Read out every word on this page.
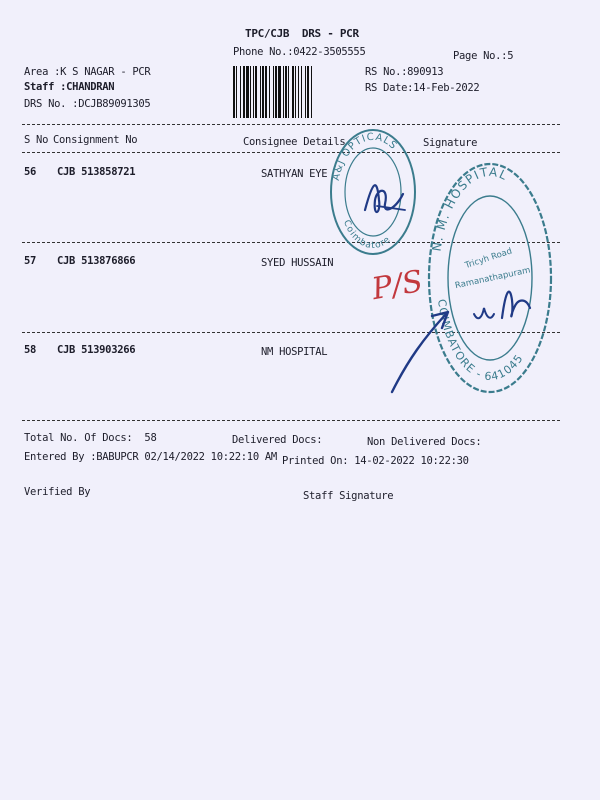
TPC/CJB  DRS - PCR
Phone No.:0422-3505555	Page No.:5
Area :K S NAGAR - PCR
Staff :CHANDRAN
DRS No. :DCJB89091305
RS No.:890913
RS Date:14-Feb-2022
S No Consignment No	Consignee Details	Signature
56 CJB 513858721	SATHYAN EYE
57 CJB 513876866	SYED HUSSAIN
58 CJB 513903266	NM HOSPITAL
Total No. Of Docs:  58	Delivered Docs:	Non Delivered Docs:
Entered By :BABUPCR 02/14/2022 10:22:10 AM Printed On: 14-02-2022 10:22:30
Verified By	Staff Signature
A&J OPTICALS
Coimbatore	N. M. HOSPITAL
COIMBATORE - 641045
Tricyh Road
Ramanathapuram
P/S
